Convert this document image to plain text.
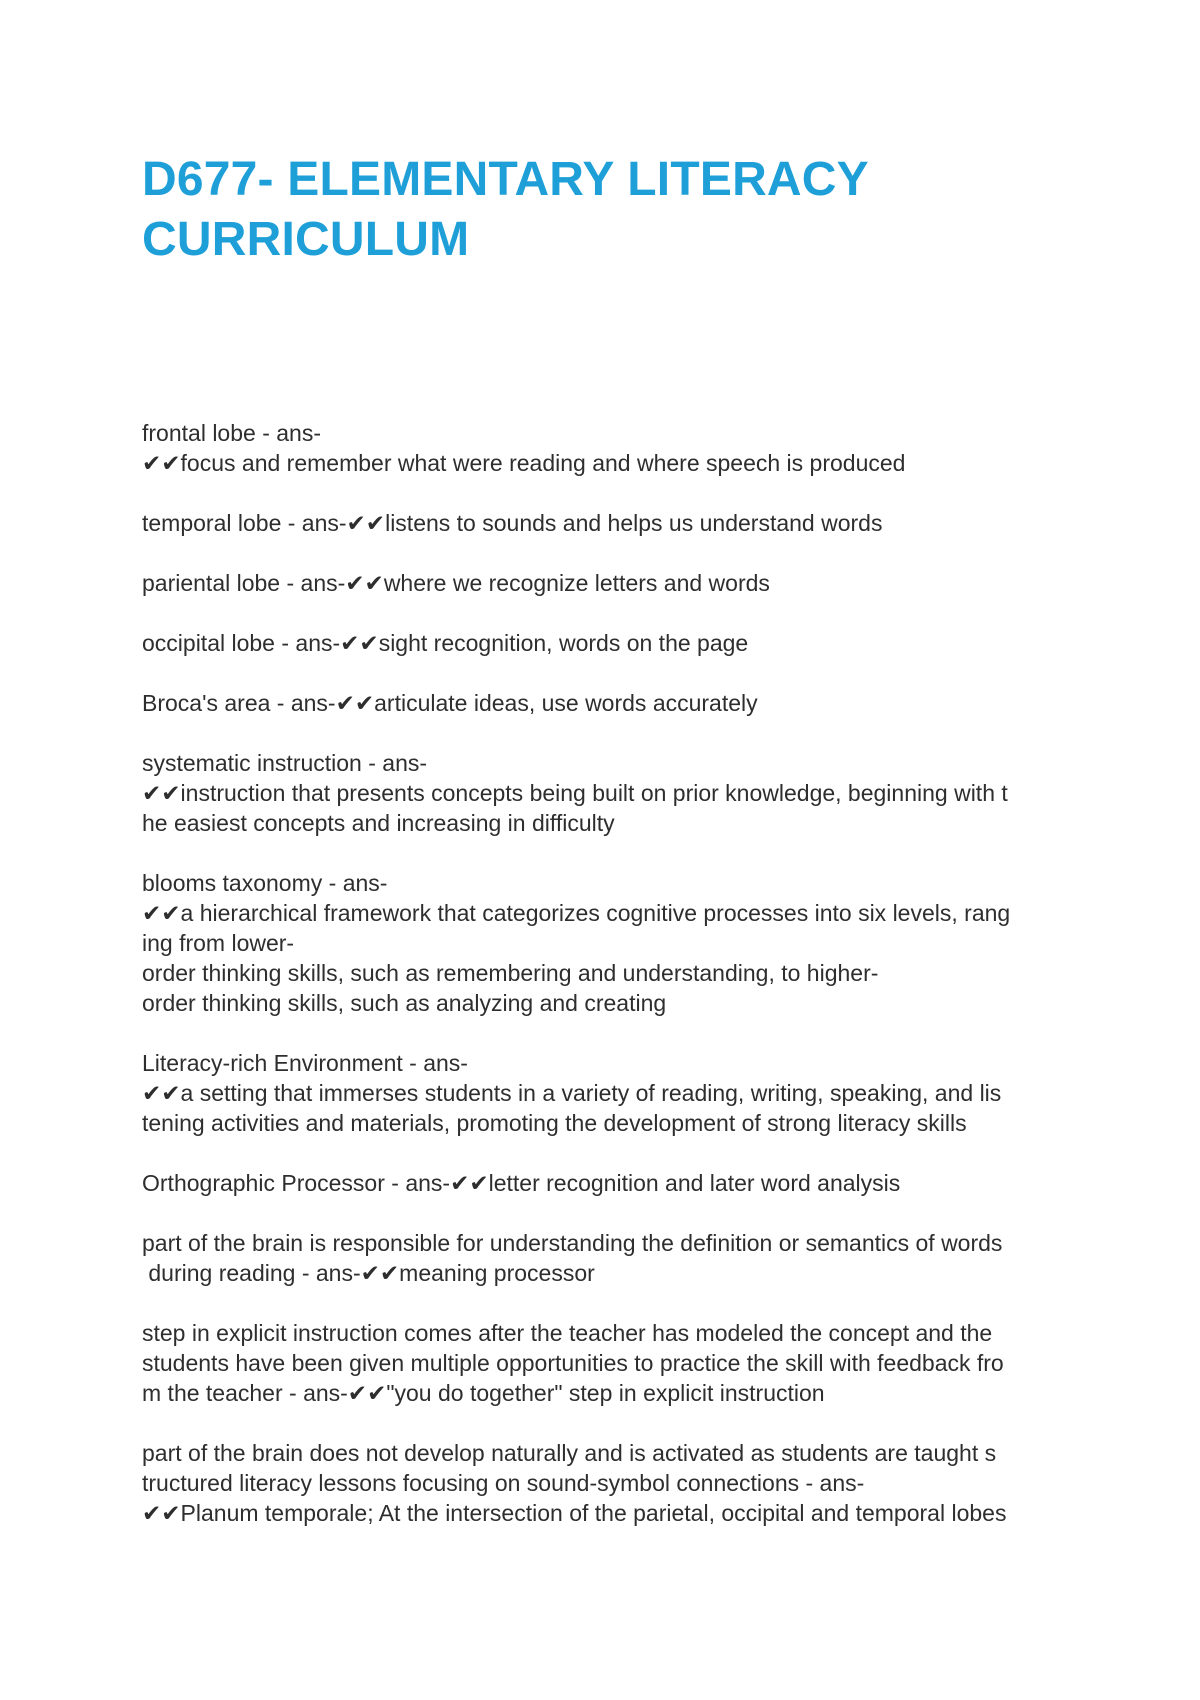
D677- ELEMENTARY LITERACY
CURRICULUM

frontal lobe - ans-
✔✔focus and remember what were reading and where speech is produced

temporal lobe - ans-✔✔listens to sounds and helps us understand words

pariental lobe - ans-✔✔where we recognize letters and words

occipital lobe - ans-✔✔sight recognition, words on the page

Broca's area - ans-✔✔articulate ideas, use words accurately

systematic instruction - ans-
✔✔instruction that presents concepts being built on prior knowledge, beginning with t
he easiest concepts and increasing in difficulty

blooms taxonomy - ans-
✔✔a hierarchical framework that categorizes cognitive processes into six levels, rang
ing from lower-
order thinking skills, such as remembering and understanding, to higher-
order thinking skills, such as analyzing and creating

Literacy-rich Environment - ans-
✔✔a setting that immerses students in a variety of reading, writing, speaking, and lis
tening activities and materials, promoting the development of strong literacy skills

Orthographic Processor - ans-✔✔letter recognition and later word analysis

part of the brain is responsible for understanding the definition or semantics of words
during reading - ans-✔✔meaning processor

step in explicit instruction comes after the teacher has modeled the concept and the
students have been given multiple opportunities to practice the skill with feedback fro
m the teacher - ans-✔✔"you do together" step in explicit instruction

part of the brain does not develop naturally and is activated as students are taught s
tructured literacy lessons focusing on sound-symbol connections - ans-
✔✔Planum temporale; At the intersection of the parietal, occipital and temporal lobes
